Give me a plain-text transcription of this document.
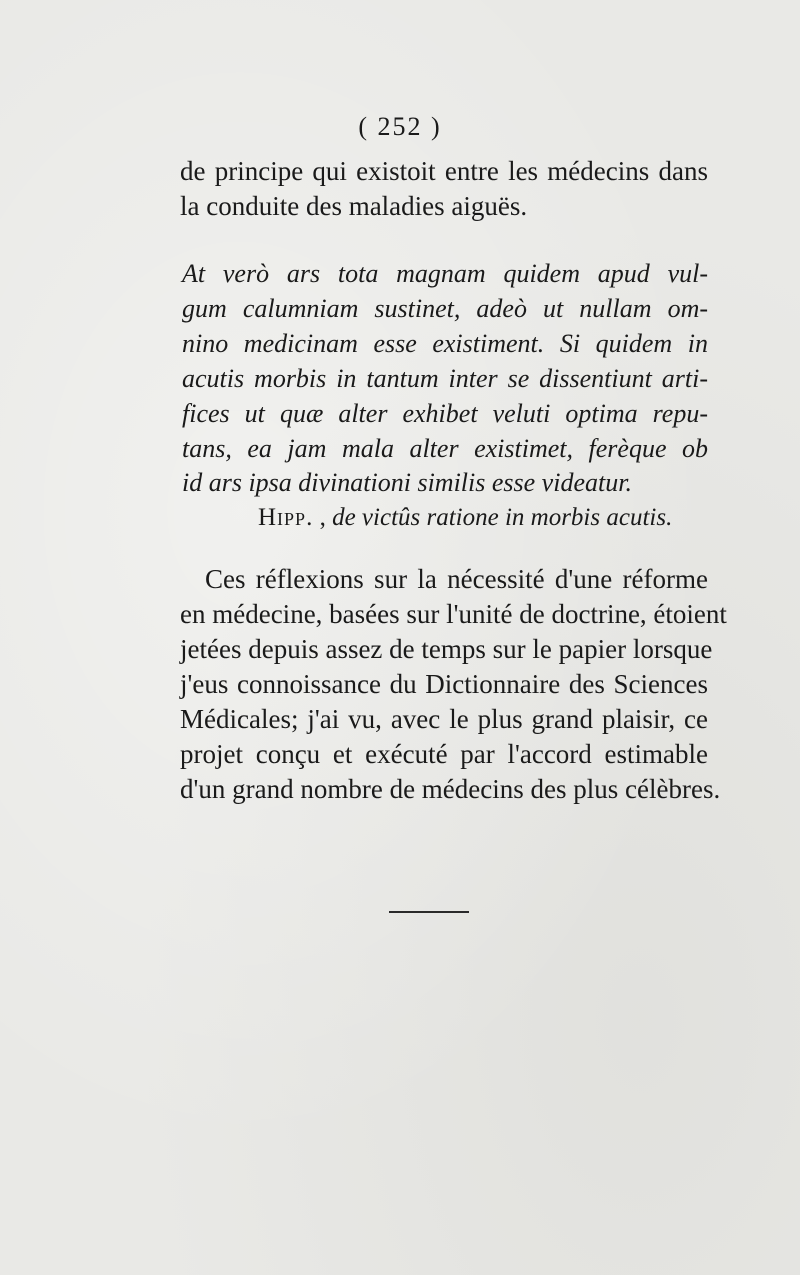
( 252 )
de principe qui existoit entre les médecins dans
la conduite des maladies aiguës.
At verò ars tota magnam quidem apud vul-
gum calumniam sustinet, adeò ut nullam om-
nino medicinam esse existiment. Si quidem in
acutis morbis in tantum inter se dissentiunt arti-
fices ut quæ alter exhibet veluti optima repu-
tans, ea jam mala alter existimet, ferèque ob
id ars ipsa divinationi similis esse videatur.
Hipp. , de victûs ratione in morbis acutis.
Ces réflexions sur la nécessité d'une réforme
en médecine, basées sur l'unité de doctrine, étoient
jetées depuis assez de temps sur le papier lorsque
j'eus connoissance du Dictionnaire des Sciences
Médicales; j'ai vu, avec le plus grand plaisir, ce
projet conçu et exécuté par l'accord estimable
d'un grand nombre de médecins des plus célèbres.
